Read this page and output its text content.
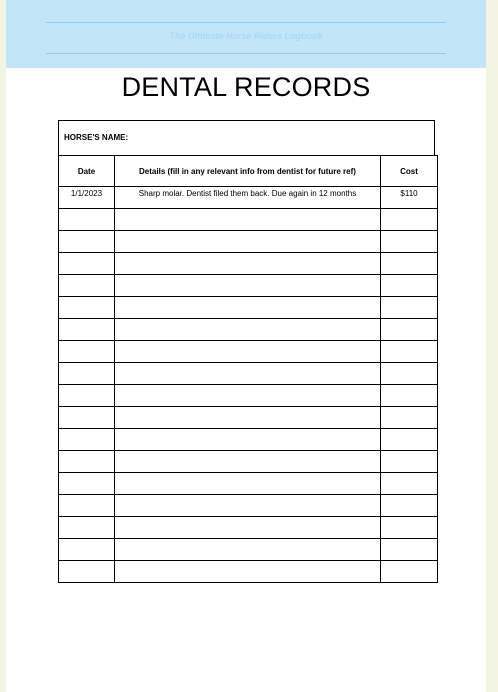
The Ultimate Horse Riders Logbook
DENTAL RECORDS
HORSE'S NAME:
Date	Details (fill in any relevant info from dentist for future ref)	Cost
1/1/2023	Sharp molar. Dentist filed them back. Due again in 12 months	$110
